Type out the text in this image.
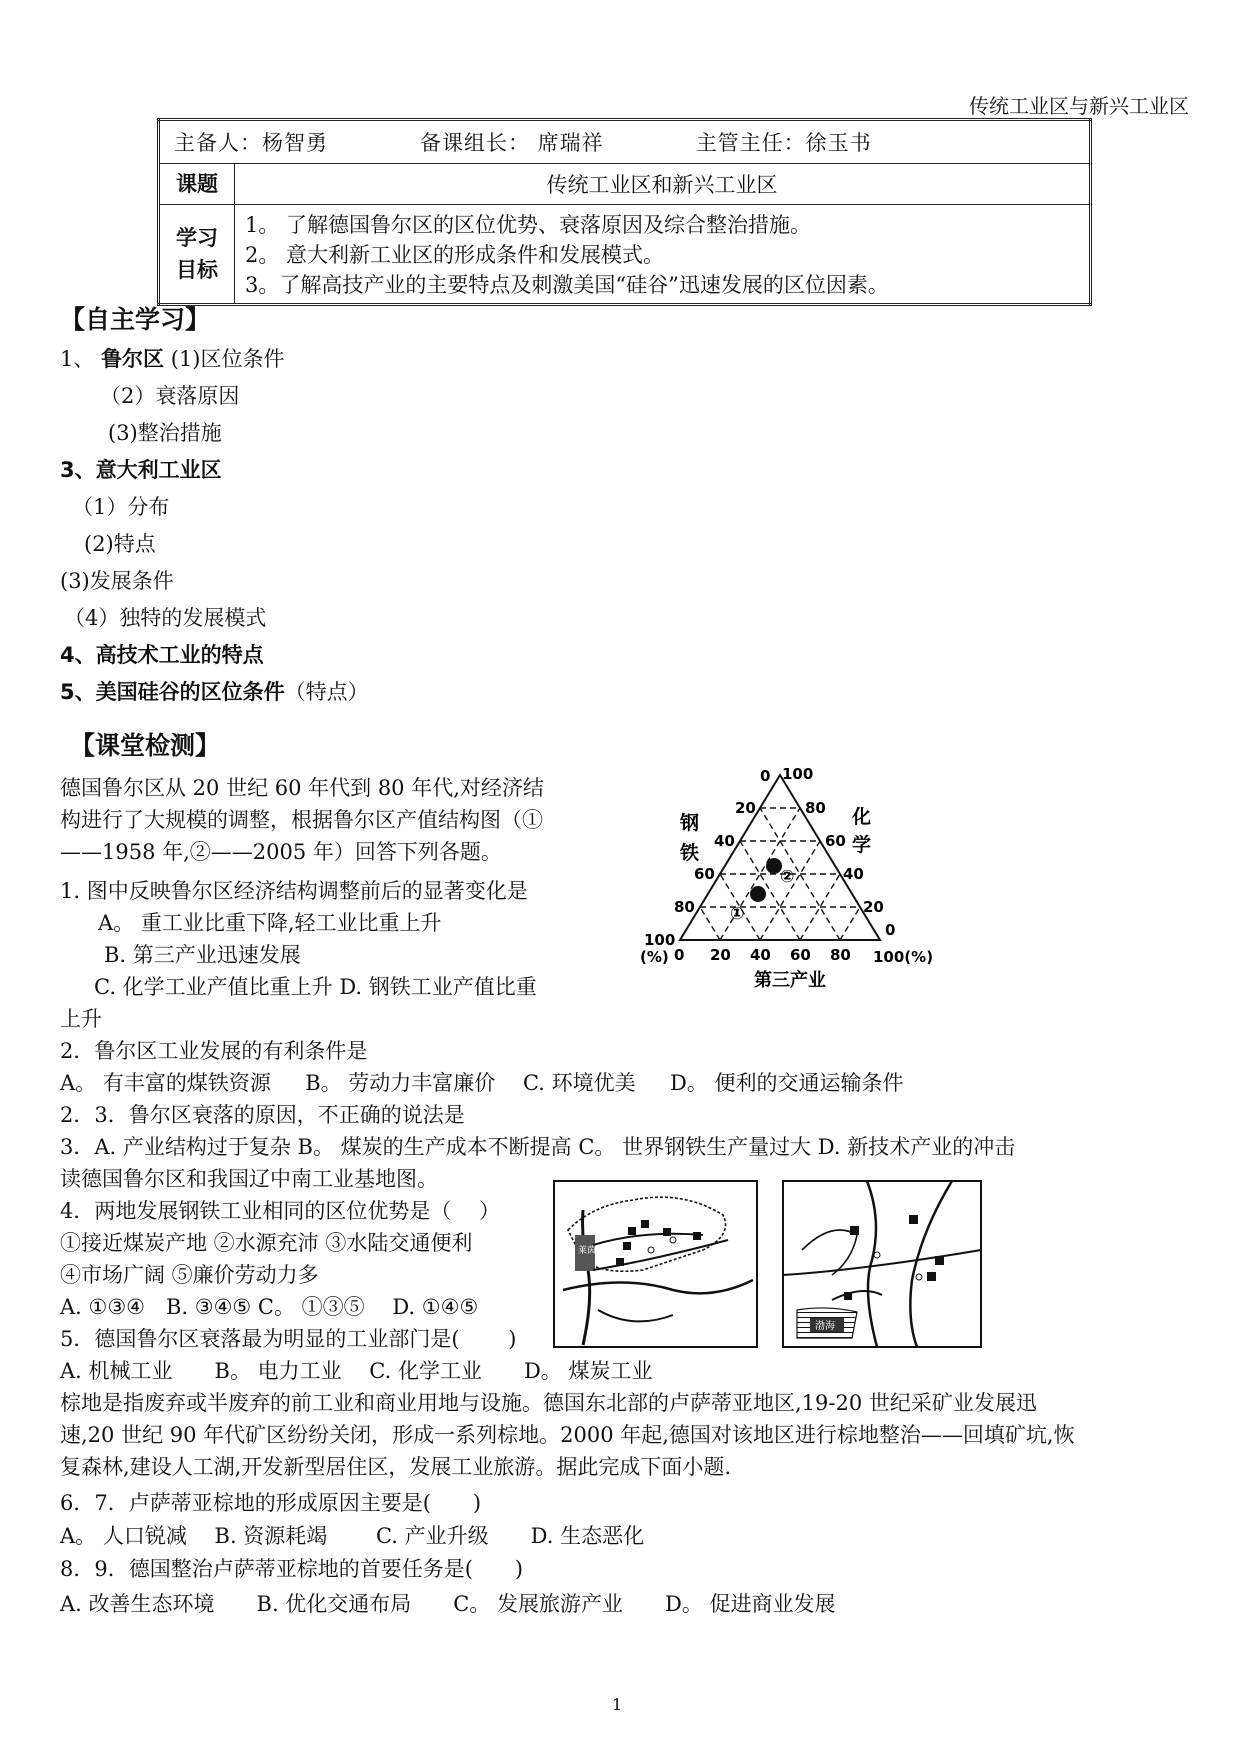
传统工业区与新兴工业区
主备人：杨智勇 备课组长： 席瑞祥 主管主任：徐玉书	
课题	传统工业区和新兴工业区

学习目标	1。 了解德国鲁尔区的区位优势、衰落原因及综合整治措施。
2。 意大利新工业区的形成条件和发展模式。
3。了解高技产业的主要特点及刺激美国“硅谷”迅速发展的区位因素。
【自主学习】
1、 鲁尔区 (1)区位条件
（2）衰落原因
(3)整治措施
3、意大利工业区
（1）分布
(2)特点
(3)发展条件
（4）独特的发展模式
4、高技术工业的特点
5、美国硅谷的区位条件（特点）
【课堂检测】
德国鲁尔区从 20 世纪 60 年代到 80 年代,对经济结
构进行了大规模的调整，根据鲁尔区产值结构图（①
——1958 年,②——2005 年）回答下列各题。
1. 图中反映鲁尔区经济结构调整前后的显著变化是
A。 重工业比重下降,轻工业比重上升
B. 第三产业迅速发展
C. 化学工业产值比重上升 D. 钢铁工业产值比重
上升
2．鲁尔区工业发展的有利条件是
A。 有丰富的煤铁资源 　 B。 劳动力丰富廉价 　C. 环境优美 　 D。 便利的交通运输条件
2．3．鲁尔区衰落的原因，不正确的说法是
3．A. 产业结构过于复杂 B。 煤炭的生产成本不断提高 C。 世界钢铁生产量过大 D. 新技术产业的冲击
读德国鲁尔区和我国辽中南工业基地图。
4．两地发展钢铁工业相同的区位优势是（　 ）
①接近煤炭产地 ②水源充沛 ③水陆交通便利
④市场广阔 ⑤廉价劳动力多
A. ①③④　B. ③④⑤ C。 ①③⑤　 D. ①④⑤
5．德国鲁尔区衰落最为明显的工业部门是(　 　)
A. 机械工业　　B。 电力工业　 C. 化学工业　　D。 煤炭工业
棕地是指废弃或半废弃的前工业和商业用地与设施。德国东北部的卢萨蒂亚地区,19-20 世纪采矿业发展迅
速,20 世纪 90 年代矿区纷纷关闭，形成一系列棕地。2000 年起,德国对该地区进行棕地整治——回填矿坑,恢
复森林,建设人工湖,开发新型居住区，发展工业旅游。据此完成下面小题.
6．7．卢萨蒂亚棕地的形成原因主要是(　　)
A。 人口锐减　 B. 资源耗竭　　 C. 产业升级　　D. 生态恶化
8．9．德国整治卢萨蒂亚棕地的首要任务是(　　)
A. 改善生态环境　　B. 优化交通布局　　C。 发展旅游产业　　D。 促进商业发展
①
②
0 100
20
40
60
80
100
80
60
40
20
0
0 20 40 60 80
(%)	100(%)
第三产业
钢
铁
化
学
莱茵河
渤海
1
